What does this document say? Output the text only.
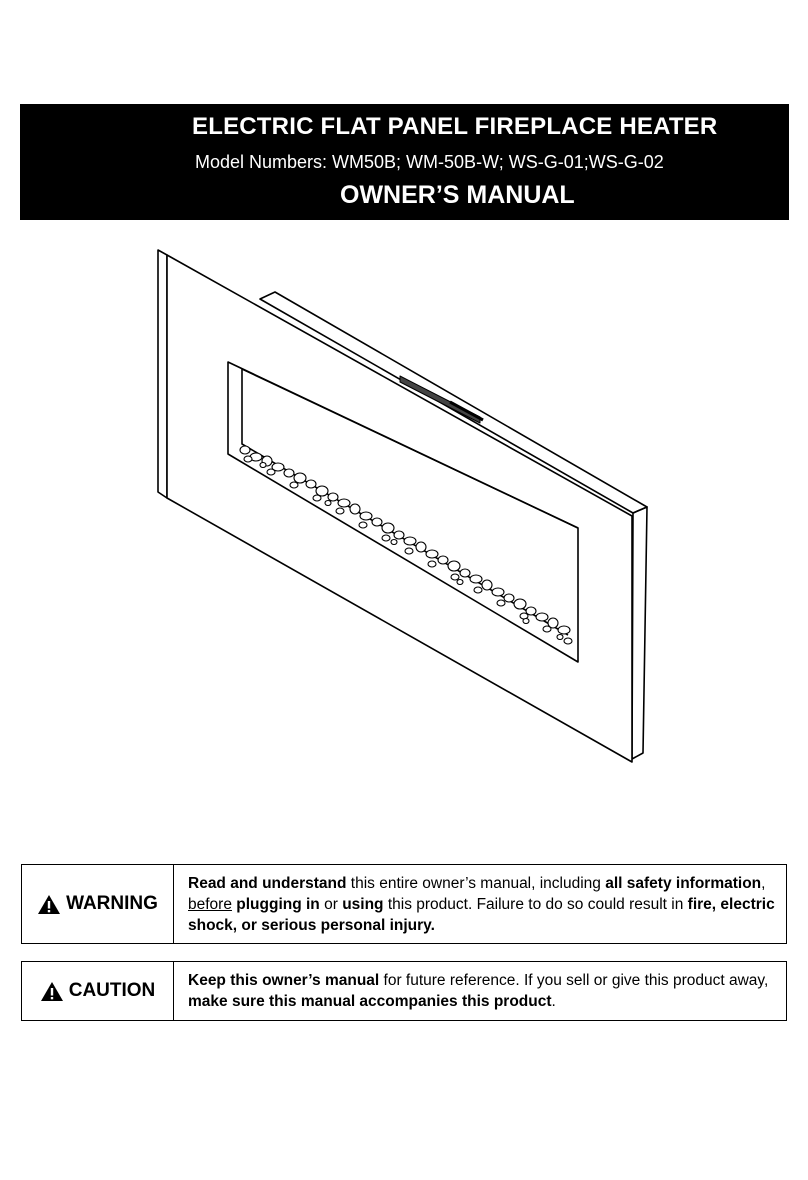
ELECTRIC FLAT PANEL FIREPLACE HEATER
Model Numbers: WM50B; WM-50B-W; WS-G-01;WS-G-02
OWNER’S MANUAL
WARNING
Read and understand this entire owner’s manual, including all safety information, before plugging in or using this product. Failure to do so could result in fire, electric shock, or serious personal injury.
CAUTION	Keep this owner’s manual for future reference. If you sell or give this product away, make sure this manual accompanies this product.
